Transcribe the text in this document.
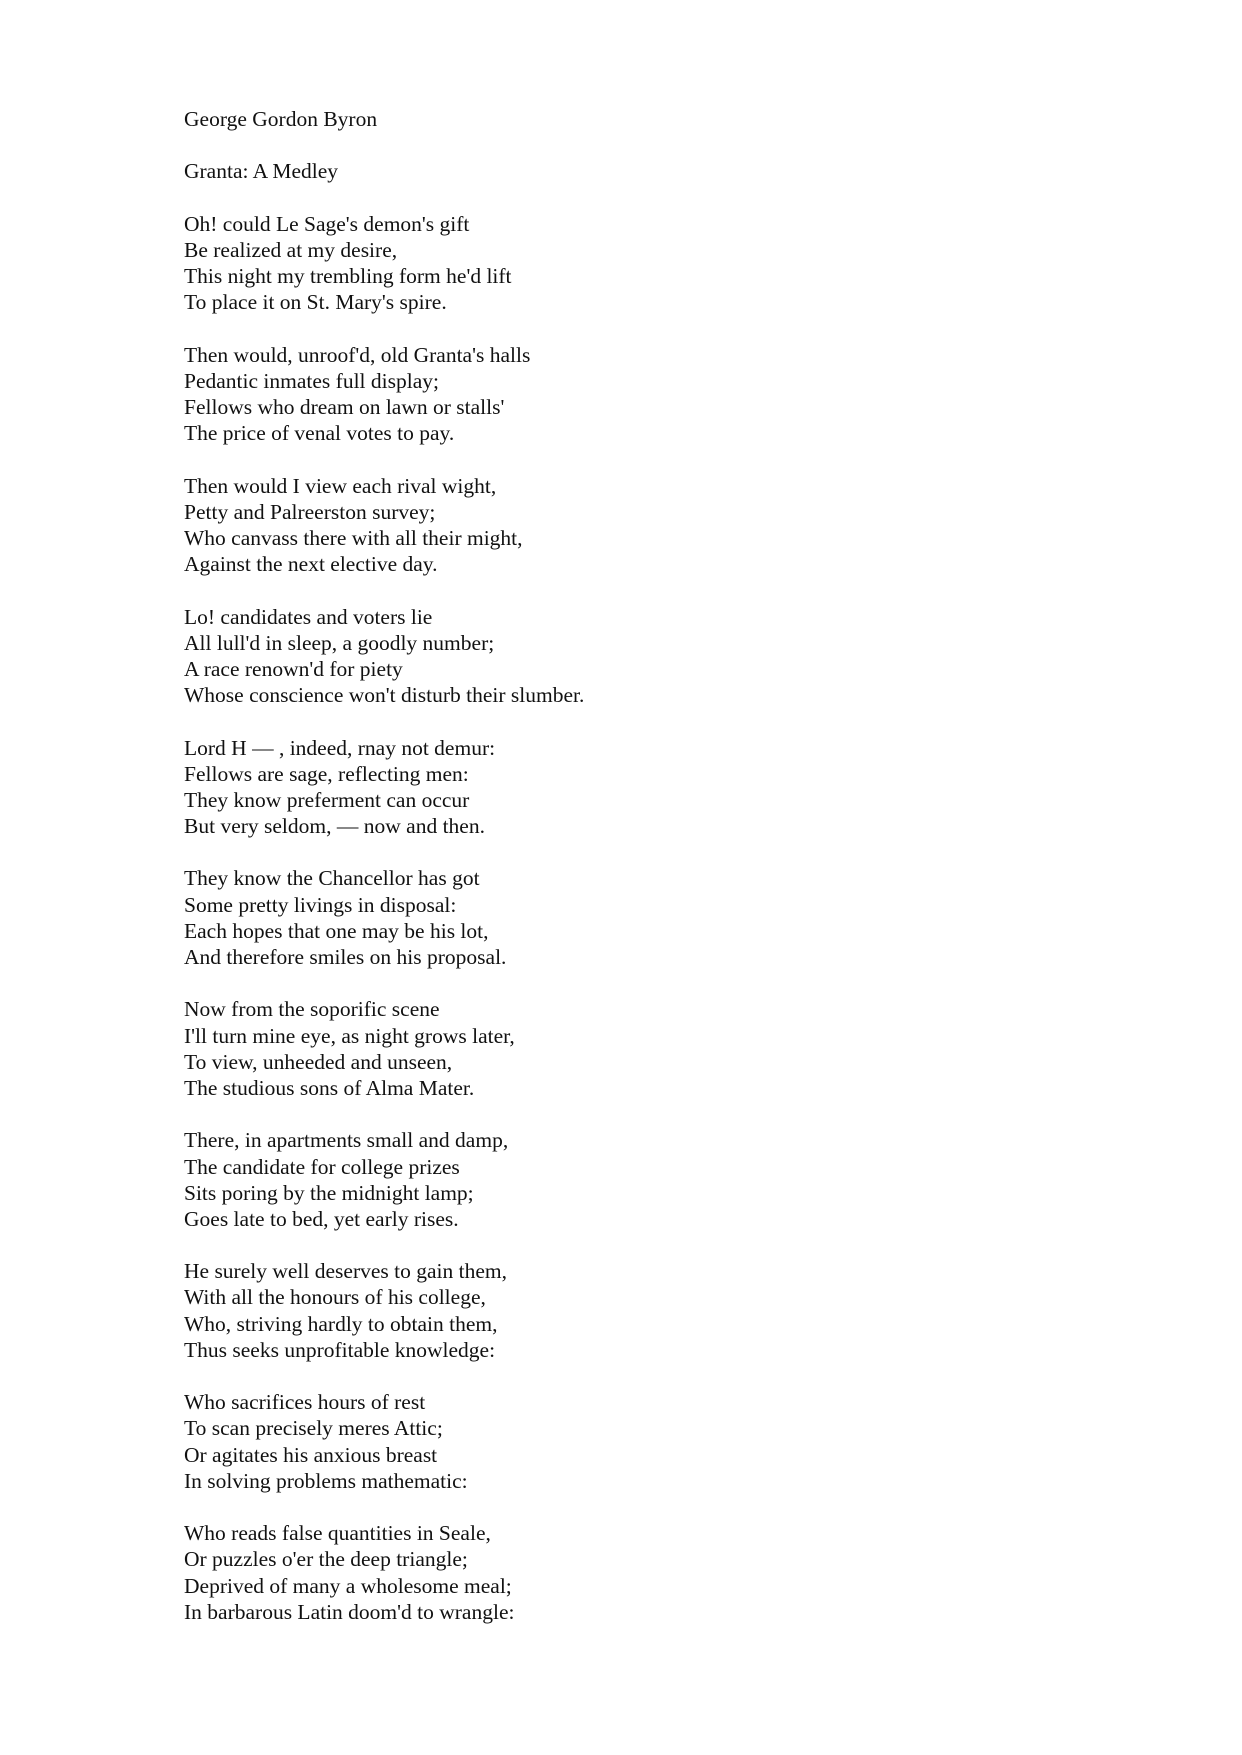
George Gordon Byron
Granta: A Medley
Oh! could Le Sage's demon's gift
Be realized at my desire,
This night my trembling form he'd lift
To place it on St. Mary's spire.
Then would, unroof'd, old Granta's halls
Pedantic inmates full display;
Fellows who dream on lawn or stalls'
The price of venal votes to pay.
Then would I view each rival wight,
Petty and Palreerston survey;
Who canvass there with all their might,
Against the next elective day.
Lo! candidates and voters lie
All lull'd in sleep, a goodly number;
A race renown'd for piety
Whose conscience won't disturb their slumber.
Lord H — , indeed, rnay not demur:
Fellows are sage, reflecting men:
They know preferment can occur
But very seldom, — now and then.
They know the Chancellor has got
Some pretty livings in disposal:
Each hopes that one may be his lot,
And therefore smiles on his proposal.
Now from the soporific scene
I'll turn mine eye, as night grows later,
To view, unheeded and unseen,
The studious sons of Alma Mater.
There, in apartments small and damp,
The candidate for college prizes
Sits poring by the midnight lamp;
Goes late to bed, yet early rises.
He surely well deserves to gain them,
With all the honours of his college,
Who, striving hardly to obtain them,
Thus seeks unprofitable knowledge:
Who sacrifices hours of rest
To scan precisely meres Attic;
Or agitates his anxious breast
In solving problems mathematic:
Who reads false quantities in Seale,
Or puzzles o'er the deep triangle;
Deprived of many a wholesome meal;
In barbarous Latin doom'd to wrangle:
